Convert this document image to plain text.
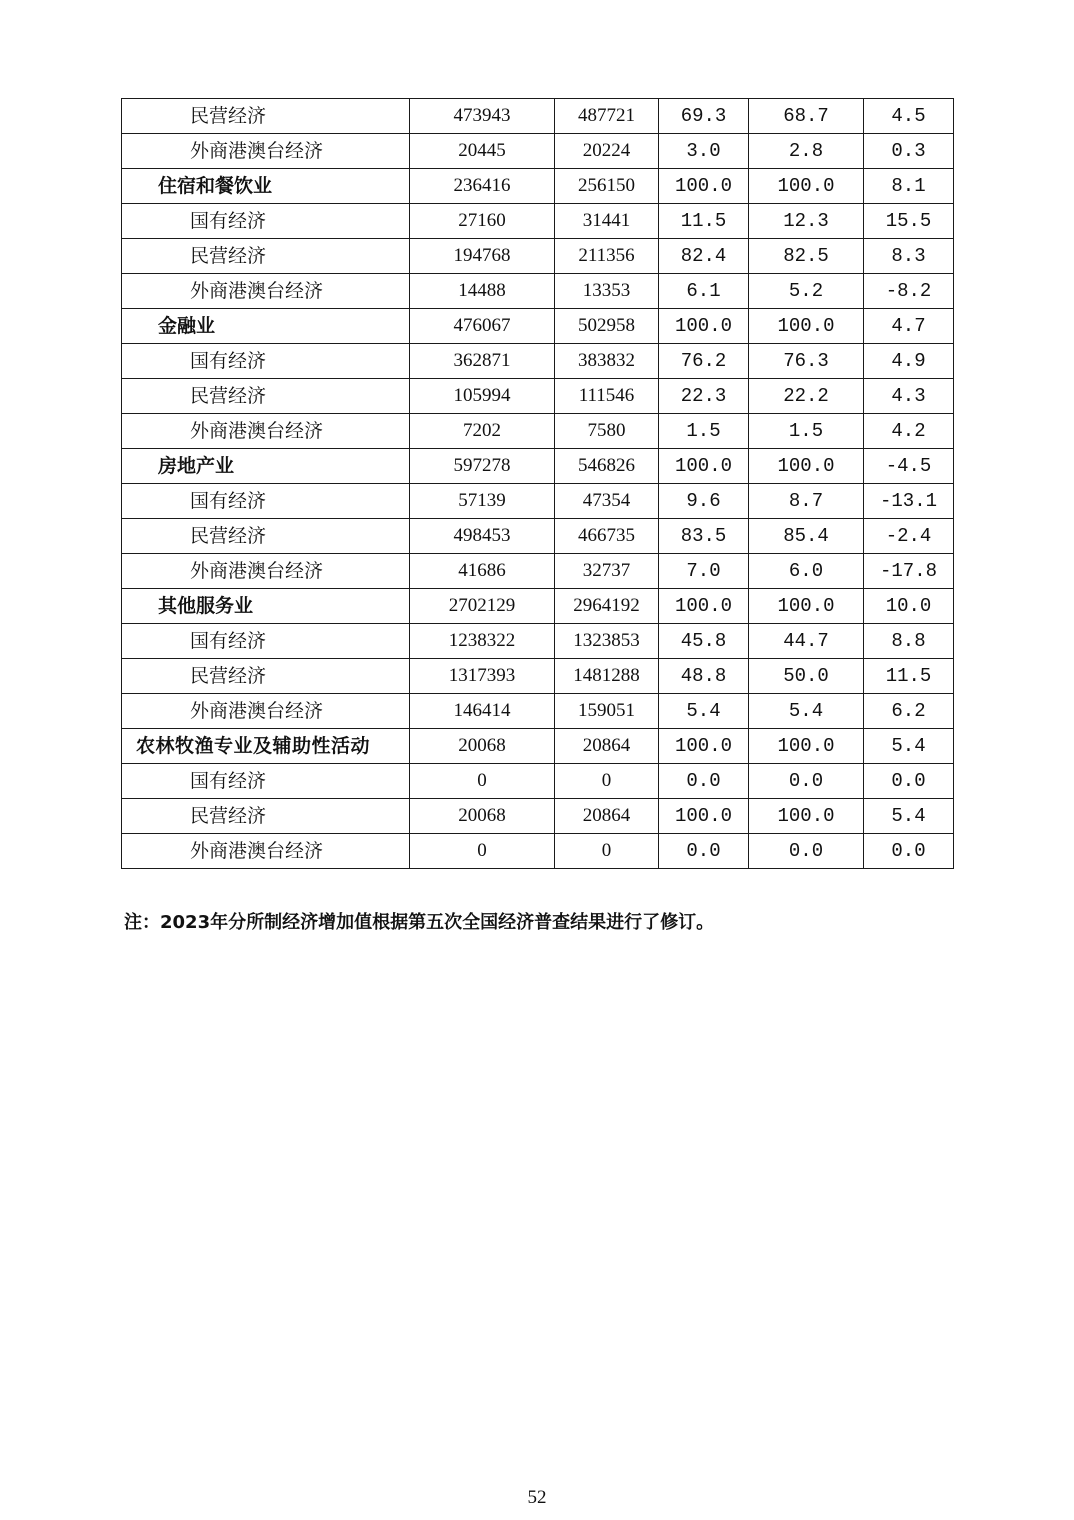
民营经济	473943	487721	69.3	68.7	4.5
外商港澳台经济	20445	20224	3.0	2.8	0.3
住宿和餐饮业	236416	256150	100.0	100.0	8.1
国有经济	27160	31441	11.5	12.3	15.5
民营经济	194768	211356	82.4	82.5	8.3
外商港澳台经济	14488	13353	6.1	5.2	-8.2
金融业	476067	502958	100.0	100.0	4.7
国有经济	362871	383832	76.2	76.3	4.9
民营经济	105994	111546	22.3	22.2	4.3
外商港澳台经济	7202	7580	1.5	1.5	4.2
房地产业	597278	546826	100.0	100.0	-4.5
国有经济	57139	47354	9.6	8.7	-13.1
民营经济	498453	466735	83.5	85.4	-2.4
外商港澳台经济	41686	32737	7.0	6.0	-17.8
其他服务业	2702129	2964192	100.0	100.0	10.0
国有经济	1238322	1323853	45.8	44.7	8.8
民营经济	1317393	1481288	48.8	50.0	11.5
外商港澳台经济	146414	159051	5.4	5.4	6.2
农林牧渔专业及辅助性活动	20068	20864	100.0	100.0	5.4
国有经济	0	0	0.0	0.0	0.0
民营经济	20068	20864	100.0	100.0	5.4
外商港澳台经济	0	0	0.0	0.0	0.0
注：2023年分所制经济增加值根据第五次全国经济普查结果进行了修订。
52
